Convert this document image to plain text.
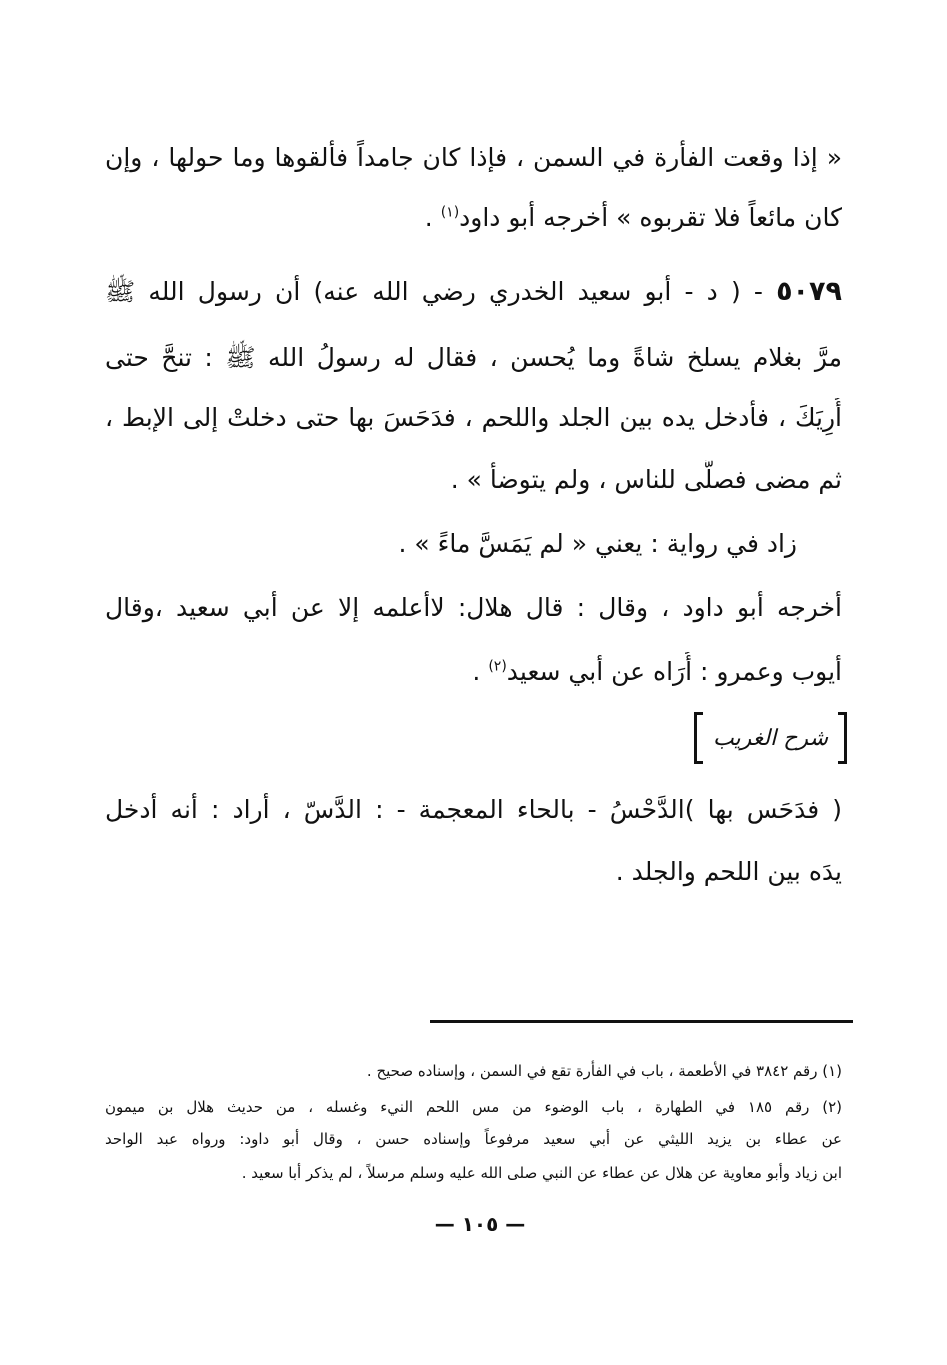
« إذا وقعت الفأرة في السمن ، فإذا كان جامداً فألقوها وما حولها ، وإن
كان مائعاً فلا تقربوه » أخرجه أبو داود$^{(١)}$ .
٥٠٧٩ - ( د - أبو سعيد الخدري رضي الله عنه) أن رسول الله ﷺ
مرَّ بغلام يسلخ شاةً وما يُحسن ، فقال له رسولُ الله ﷺ : تنحَّ حتى
أُرِيَكَ ، فأدخل يده بين الجلد واللحم ، فدَحَسَ بها حتى دخلتْ إلى الإبط ،
ثم مضى فصلَّى للناس ، ولم يتوضأ » .
زاد في رواية : يعني « لم يَمَسَّ ماءً » .
أخرجه أبو داود ، وقال : قال هلال: لاأعلمه إلا عن أبي سعيد ،وقال
أيوب وعمرو : أُرَاه عن أبي سعيد$^{(٢)}$ .
شرح الغريب
( فدَحَس بها )الدَّحْسُ - بالحاء المعجمة - : الدَّسّ ، أراد : أنه أدخل
يدَه بين اللحم والجلد .
(١) رقم ٣٨٤٢ في الأطعمة ، باب في الفأرة تقع في السمن ، وإسناده صحيح .
(٢) رقم ١٨٥ في الطهارة ، باب الوضوء من مس اللحم النيء وغسله ، من حديث هلال بن ميمون
عن عطاء بن يزيد الليثي عن أبي سعيد مرفوعاً وإسناده حسن ، وقال أبو داود: ورواه عبد الواحد
ابن زياد وأبو معاوية عن هلال عن عطاء عن النبي صلى الله عليه وسلم مرسلاً ، لم يذكر أبا سعيد .
— ١٠٥ —
